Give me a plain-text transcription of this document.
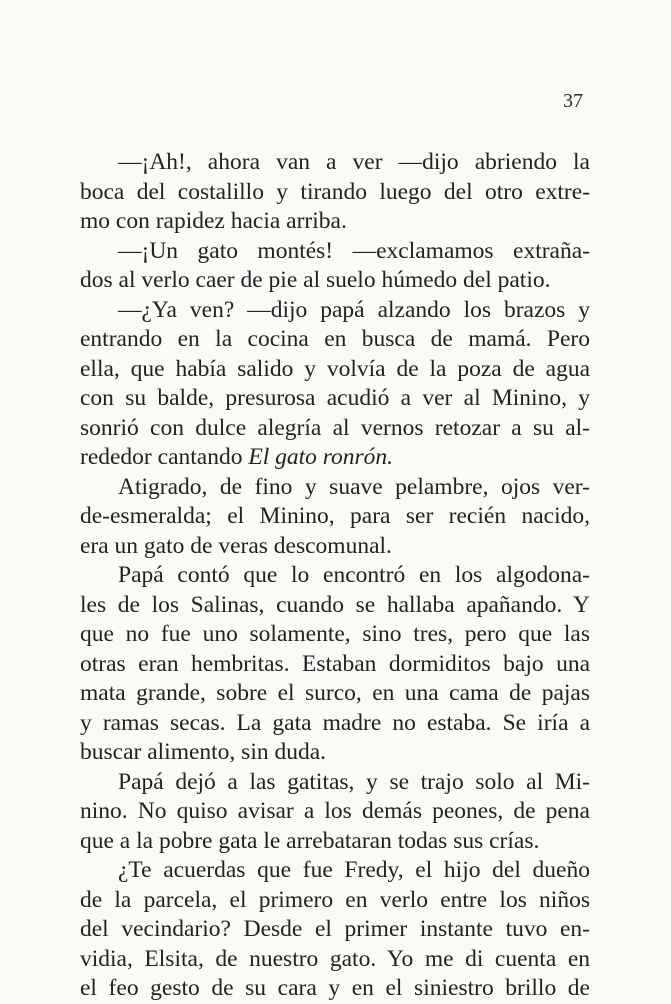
37
—¡Ah!, ahora van a ver —dijo abriendo la
boca del costalillo y tirando luego del otro extre-
mo con rapidez hacia arriba.
—¡Un gato montés! —exclamamos extraña-
dos al verlo caer de pie al suelo húmedo del patio.
—¿Ya ven? —dijo papá alzando los brazos y
entrando en la cocina en busca de mamá. Pero
ella, que había salido y volvía de la poza de agua
con su balde, presurosa acudió a ver al Minino, y
sonrió con dulce alegría al vernos retozar a su al-
rededor cantando El gato ronrón.
Atigrado, de fino y suave pelambre, ojos ver-
de-esmeralda; el Minino, para ser recién nacido,
era un gato de veras descomunal.
Papá contó que lo encontró en los algodona-
les de los Salinas, cuando se hallaba apañando. Y
que no fue uno solamente, sino tres, pero que las
otras eran hembritas. Estaban dormiditos bajo una
mata grande, sobre el surco, en una cama de pajas
y ramas secas. La gata madre no estaba. Se iría a
buscar alimento, sin duda.
Papá dejó a las gatitas, y se trajo solo al Mi-
nino. No quiso avisar a los demás peones, de pena
que a la pobre gata le arrebataran todas sus crías.
¿Te acuerdas que fue Fredy, el hijo del dueño
de la parcela, el primero en verlo entre los niños
del vecindario? Desde el primer instante tuvo en-
vidia, Elsita, de nuestro gato. Yo me di cuenta en
el feo gesto de su cara y en el siniestro brillo de
